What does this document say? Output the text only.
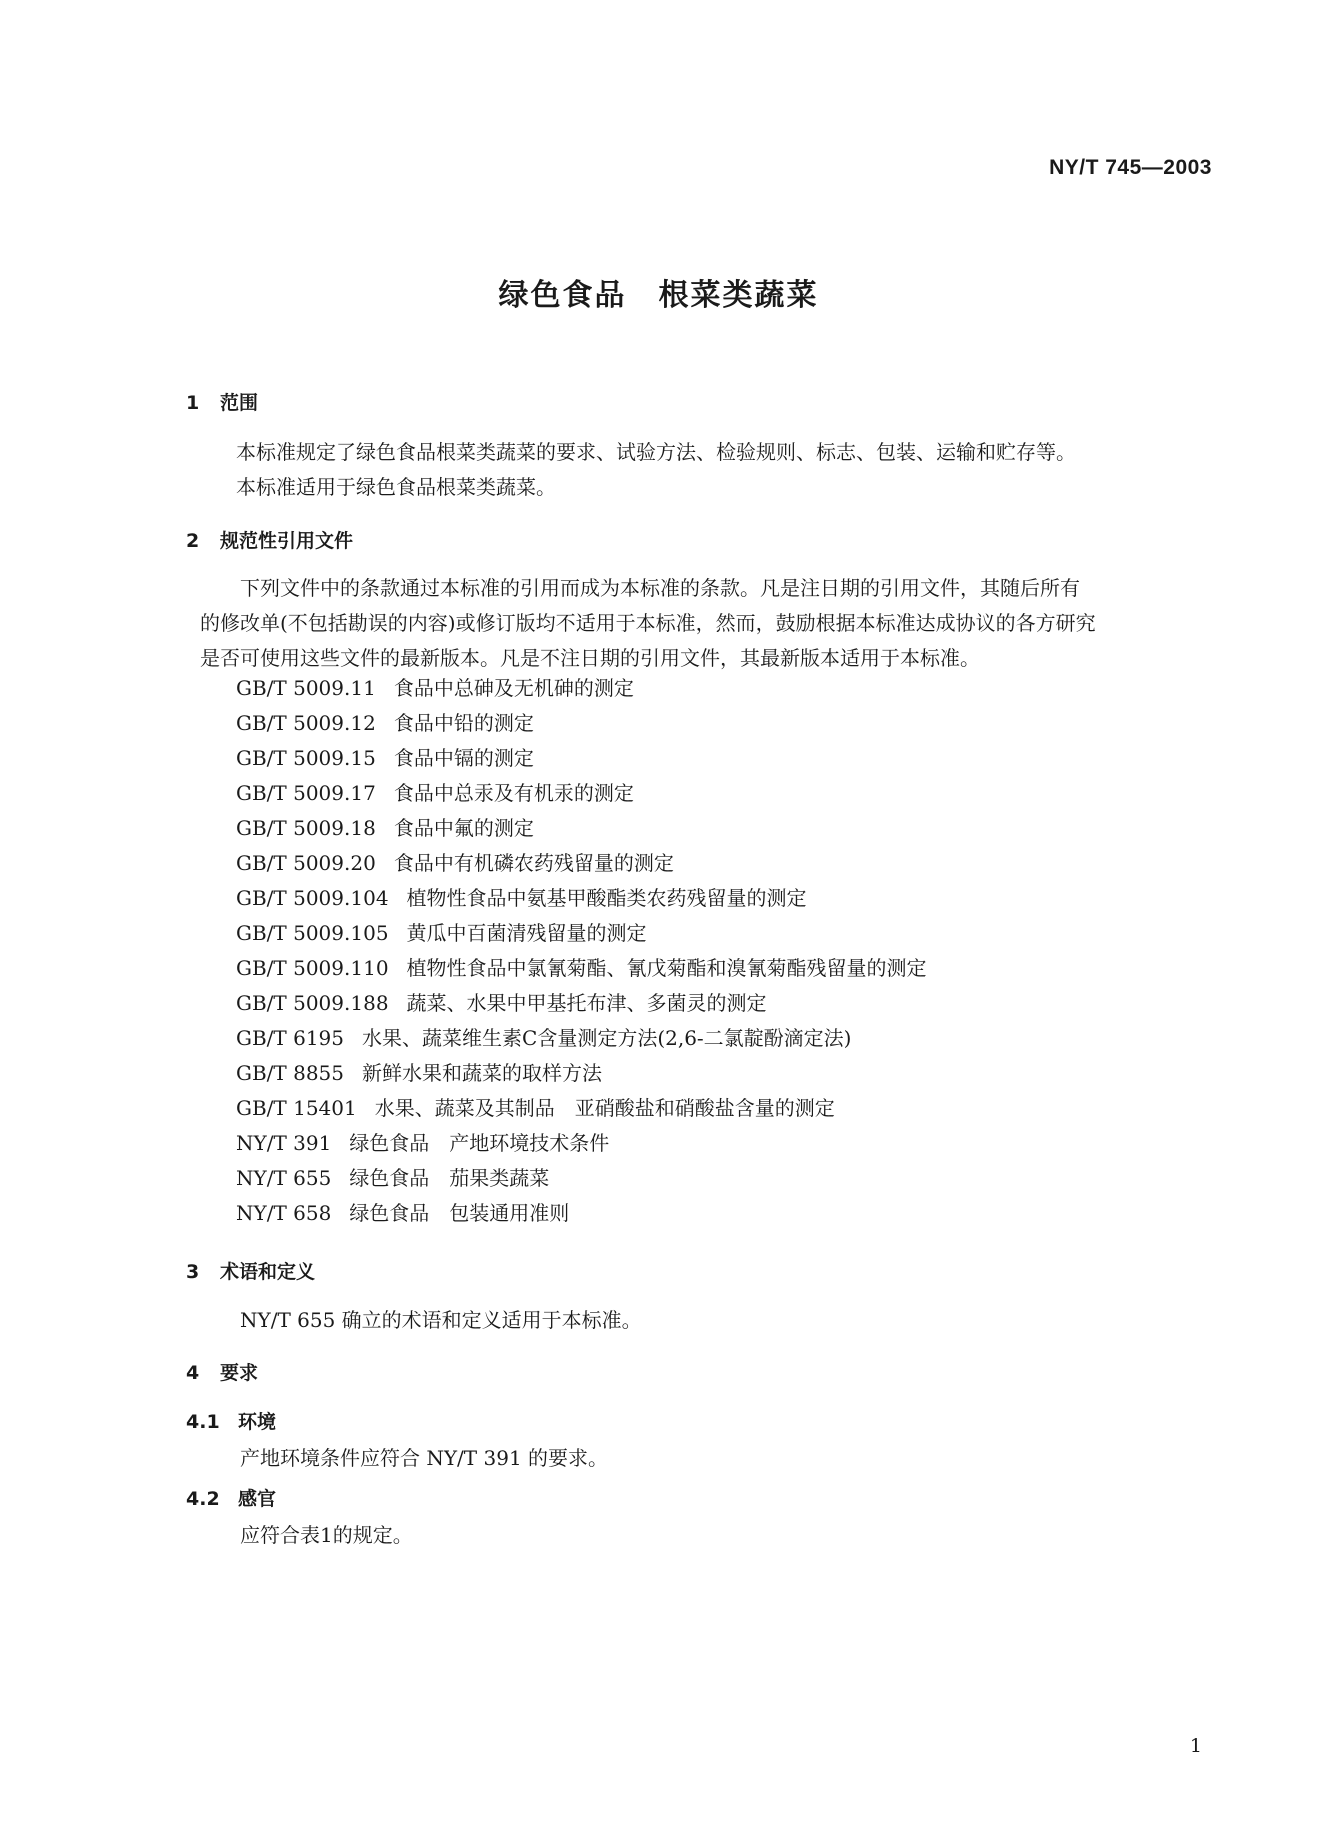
NY/T 745—2003
绿色食品　根菜类蔬菜
1 范围
本标准规定了绿色食品根菜类蔬菜的要求、试验方法、检验规则、标志、包装、运输和贮存等。
本标准适用于绿色食品根菜类蔬菜。
2 规范性引用文件
下列文件中的条款通过本标准的引用而成为本标准的条款。凡是注日期的引用文件，其随后所有
的修改单(不包括勘误的内容)或修订版均不适用于本标准，然而，鼓励根据本标准达成协议的各方研究
是否可使用这些文件的最新版本。凡是不注日期的引用文件，其最新版本适用于本标准。
GB/T 5009.11 食品中总砷及无机砷的测定
GB/T 5009.12 食品中铅的测定
GB/T 5009.15 食品中镉的测定
GB/T 5009.17 食品中总汞及有机汞的测定
GB/T 5009.18 食品中氟的测定
GB/T 5009.20 食品中有机磷农药残留量的测定
GB/T 5009.104 植物性食品中氨基甲酸酯类农药残留量的测定
GB/T 5009.105 黄瓜中百菌清残留量的测定
GB/T 5009.110 植物性食品中氯氰菊酯、氰戊菊酯和溴氰菊酯残留量的测定
GB/T 5009.188 蔬菜、水果中甲基托布津、多菌灵的测定
GB/T 6195 水果、蔬菜维生素C含量测定方法(2,6-二氯靛酚滴定法)
GB/T 8855 新鲜水果和蔬菜的取样方法
GB/T 15401 水果、蔬菜及其制品　亚硝酸盐和硝酸盐含量的测定
NY/T 391 绿色食品　产地环境技术条件
NY/T 655 绿色食品　茄果类蔬菜
NY/T 658 绿色食品　包装通用准则
3 术语和定义
NY/T 655 确立的术语和定义适用于本标准。
4 要求
4.1 环境
产地环境条件应符合 NY/T 391 的要求。
4.2 感官
应符合表1的规定。
1
